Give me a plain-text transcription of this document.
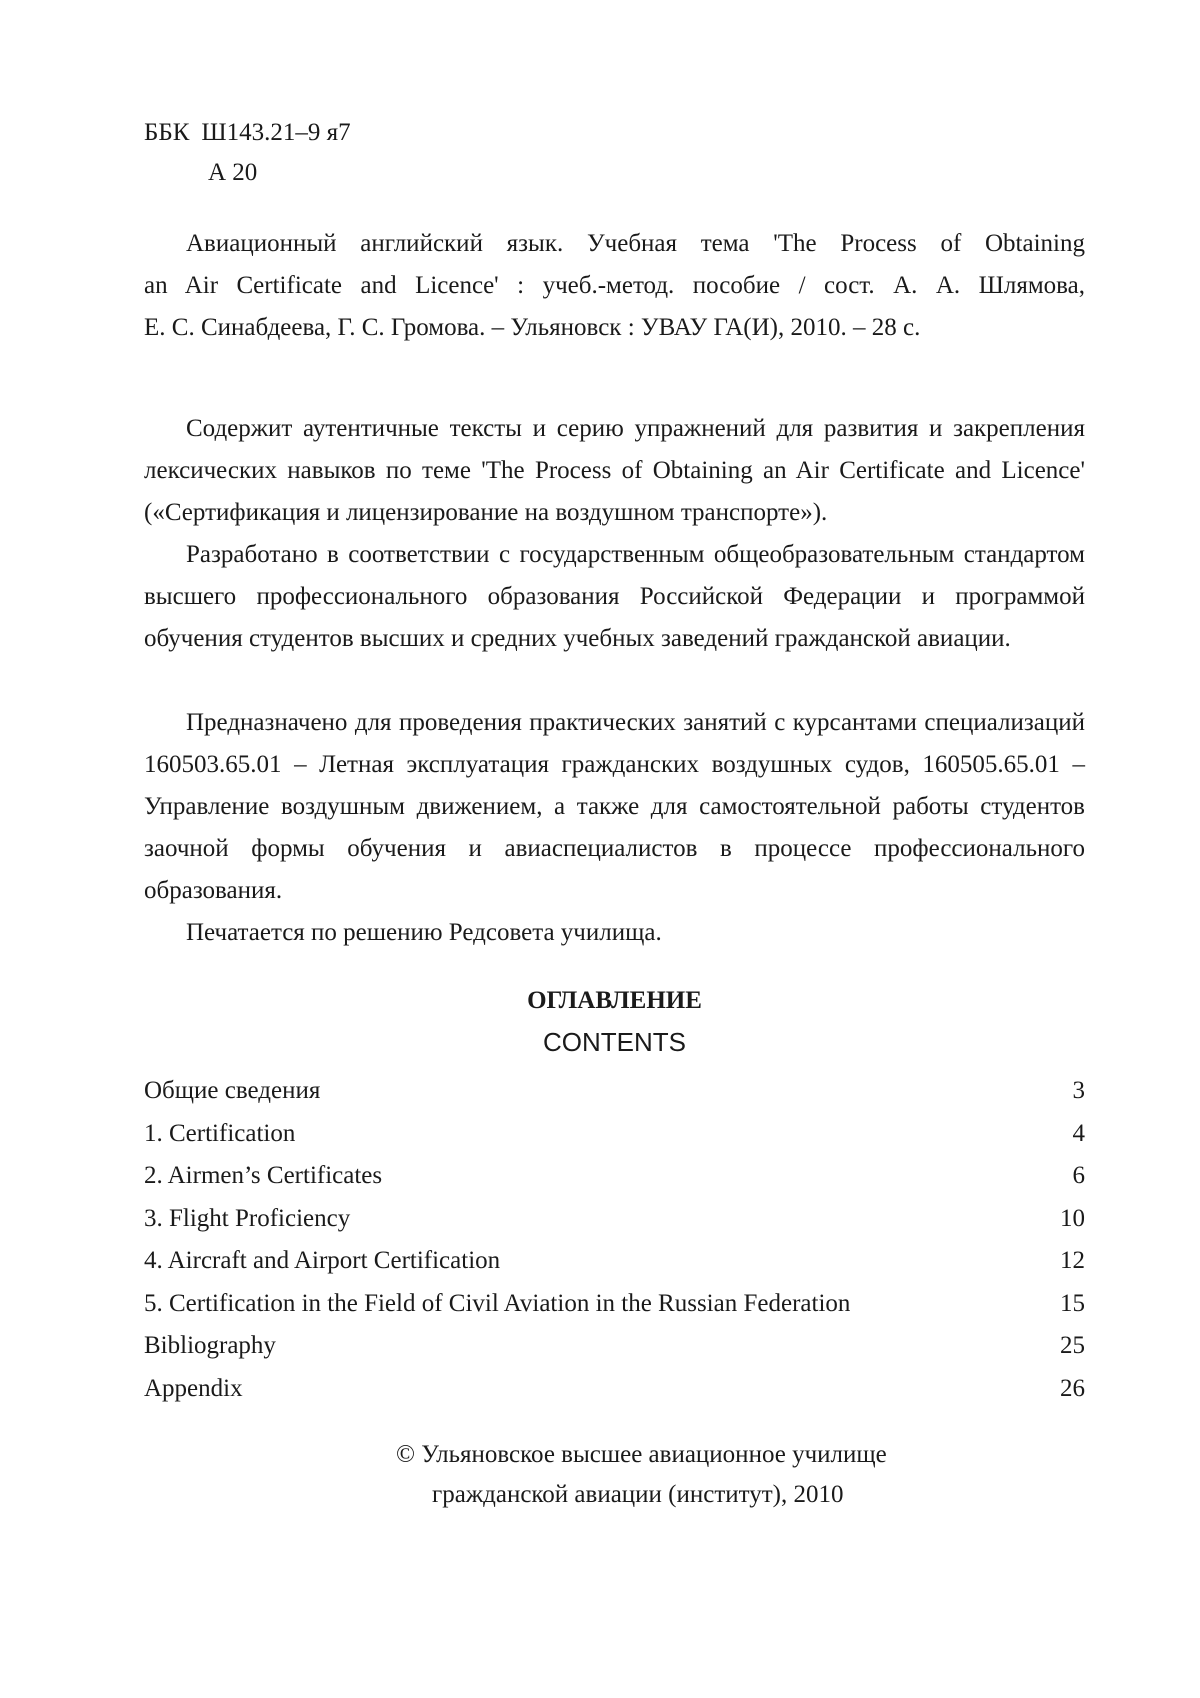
ББК Ш143.21–9 я7
А 20
Авиационный английский язык. Учебная тема 'The Process of Obtaining
an Air Certificate and Licence' : учеб.-метод. пособие / сост. А. А. Шлямова,
Е. С. Синабдеева, Г. С. Громова. – Ульяновск : УВАУ ГА(И), 2010. – 28 с.

Содержит аутентичные тексты и серию упражнений для развития и закрепления лексических навыков по теме 'The Process of Obtaining an Air Certificate and Licence' («Сертификация и лицензирование на воздушном транспорте»).

Разработано в соответствии с государственным общеобразовательным стандартом высшего профессионального образования Российской Федерации и программой обучения студентов высших и средних учебных заведений гражданской авиации.

Предназначено для проведения практических занятий с курсантами специализаций 160503.65.01 – Летная эксплуатация гражданских воздушных судов, 160505.65.01 – Управление воздушным движением, а также для самостоятельной работы студентов заочной формы обучения и авиаспециалистов в процессе профессионального образования.

Печатается по решению Редсовета училища.

ОГЛАВЛЕНИЕ
CONTENTS
Общие сведения	3
1. Certification	4
2. Airmen’s Certificates	6
3. Flight Proficiency	10
4. Aircraft and Airport Certification	12
5. Certification in the Field of Civil Aviation in the Russian Federation	15
Bibliography	25
Appendix	26
© Ульяновское высшее авиационное училище
гражданской авиации (институт), 2010
